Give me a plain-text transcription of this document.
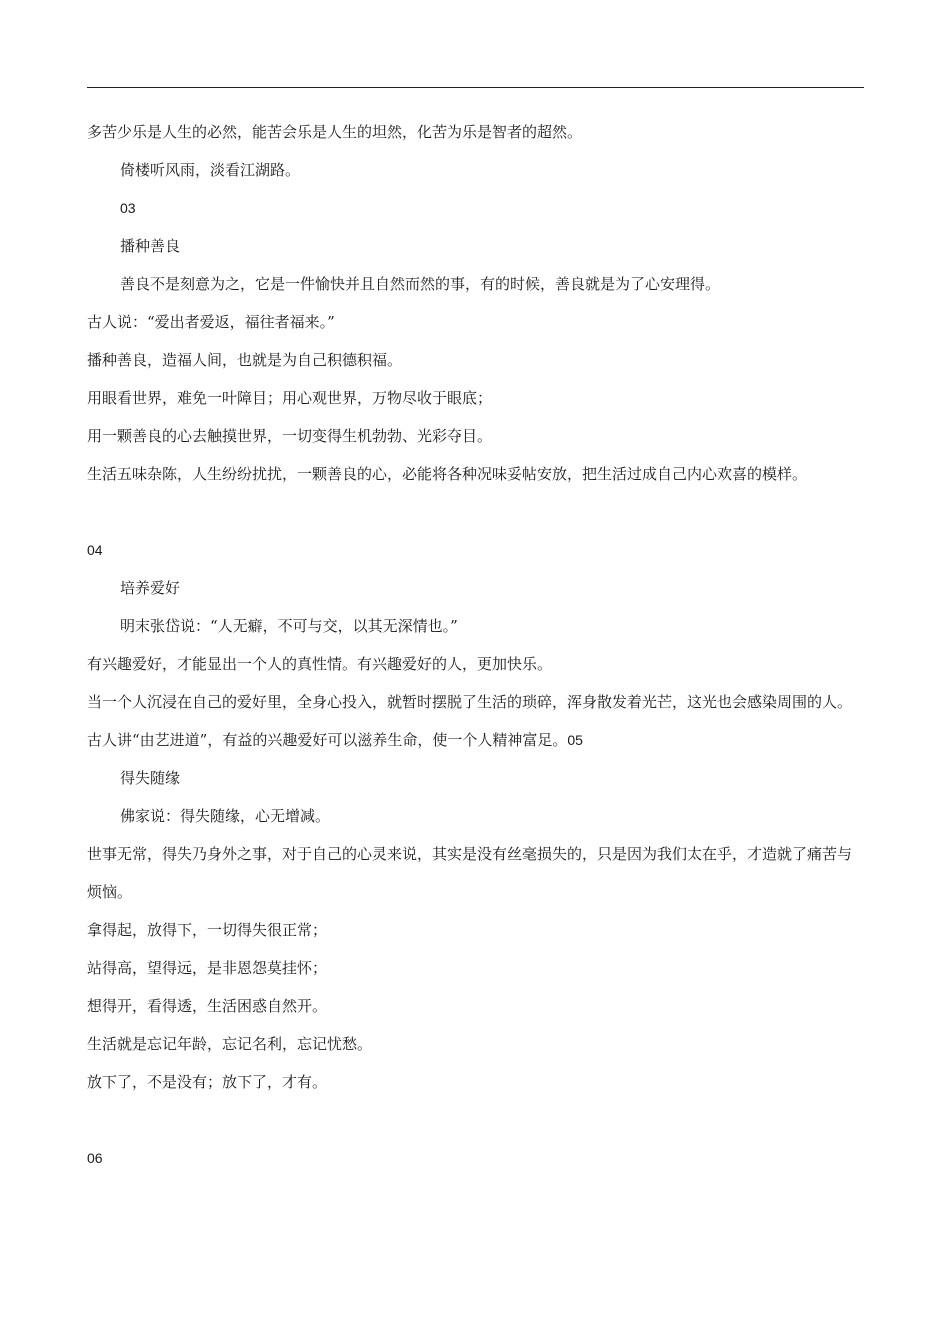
多苦少乐是人生的必然，能苦会乐是人生的坦然，化苦为乐是智者的超然。

倚楼听风雨，淡看江湖路。

03

播种善良

善良不是刻意为之，它是一件愉快并且自然而然的事，有的时候，善良就是为了心安理得。

古人说：“爱出者爱返，福往者福来。”

播种善良，造福人间，也就是为自己积德积福。

用眼看世界，难免一叶障目；用心观世界，万物尽收于眼底；

用一颗善良的心去触摸世界，一切变得生机勃勃、光彩夺目。

生活五味杂陈，人生纷纷扰扰，一颗善良的心，必能将各种况味妥帖安放，把生活过成自己内心欢喜的模样。

04

培养爱好

明末张岱说：“人无癖，不可与交，以其无深情也。”

有兴趣爱好，才能显出一个人的真性情。有兴趣爱好的人，更加快乐。

当一个人沉浸在自己的爱好里，全身心投入，就暂时摆脱了生活的琐碎，浑身散发着光芒，这光也会感染周围的人。

古人讲“由艺进道”，有益的兴趣爱好可以滋养生命，使一个人精神富足。05

得失随缘

佛家说：得失随缘，心无增减。

世事无常，得失乃身外之事，对于自己的心灵来说，其实是没有丝毫损失的，只是因为我们太在乎，才造就了痛苦与烦恼。

拿得起，放得下，一切得失很正常；

站得高，望得远，是非恩怨莫挂怀；

想得开，看得透，生活困惑自然开。

生活就是忘记年龄，忘记名利，忘记忧愁。

放下了，不是没有；放下了，才有。

06
